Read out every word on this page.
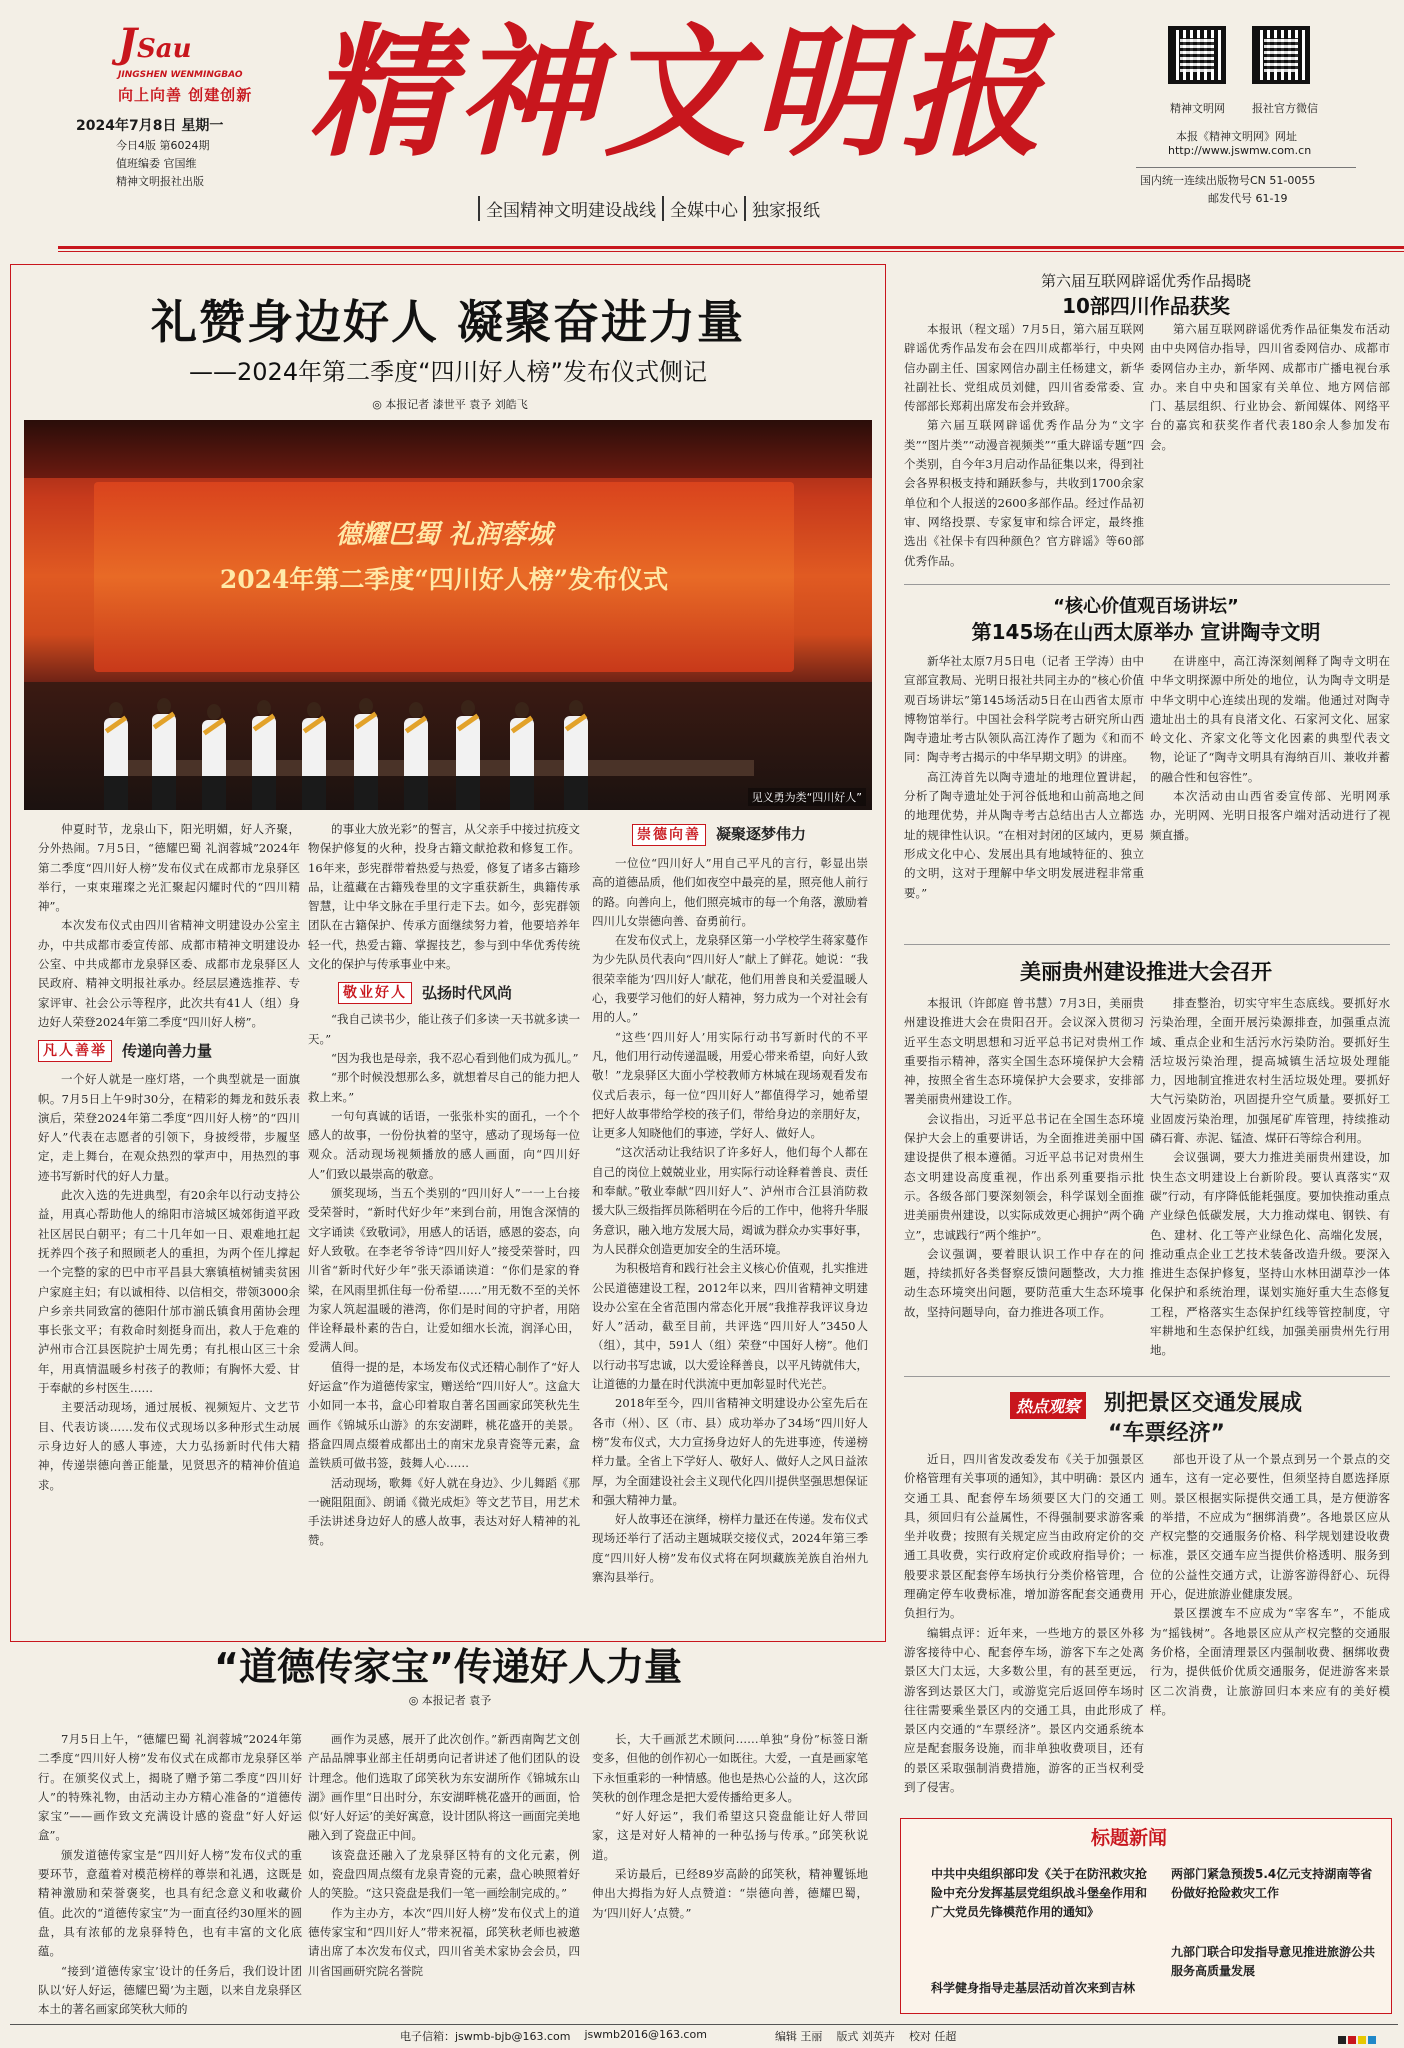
JSau
JINGSHEN WENMINGBAO
向上向善 创建创新
2024年7月8日 星期一
今日4版 第6024期
值班编委 官国维
精神文明报社出版
精神文明报
全国精神文明建设战线 全媒中心 独家报纸
精神文明网 报社官方微信
本报《精神文明网》网址
http://www.jswmw.com.cn
国内统一连续出版物号CN 51-0055
邮发代号 61-19
礼赞身边好人 凝聚奋进力量
——2024年第二季度“四川好人榜”发布仪式侧记
◎ 本报记者 漆世平 袁予 刘皓飞
德耀巴蜀 礼润蓉城
2024年第二季度“四川好人榜”发布仪式
见义勇为类“四川好人”

仲夏时节，龙泉山下，阳光明媚，好人齐聚，分外热闹。7月5日，“德耀巴蜀 礼润蓉城”2024年第二季度“四川好人榜”发布仪式在成都市龙泉驿区举行，一束束璀璨之光汇聚起闪耀时代的“四川精神”。

本次发布仪式由四川省精神文明建设办公室主办，中共成都市委宣传部、成都市精神文明建设办公室、中共成都市龙泉驿区委、成都市龙泉驿区人民政府、精神文明报社承办。经层层遴选推荐、专家评审、社会公示等程序，此次共有41人（组）身边好人荣登2024年第二季度“四川好人榜”。

凡人善举	传递向善力量

一个好人就是一座灯塔，一个典型就是一面旗帜。7月5日上午9时30分，在精彩的舞龙和鼓乐表演后，荣登2024年第二季度“四川好人榜”的“四川好人”代表在志愿者的引领下，身披绶带，步履坚定，走上舞台，在观众热烈的掌声中，用热烈的事迹书写新时代的好人力量。

此次入选的先进典型，有20余年以行动支持公益，用真心帮助他人的绵阳市涪城区城郊街道平政社区居民白朝平；有二十几年如一日、艰难地扛起抚养四个孩子和照顾老人的重担，为两个侄儿撑起一个完整的家的巴中市平昌县大寨镇植树铺卖贫困户家庭主妇；有以诚相待、以信相交，带领3000余户乡亲共同致富的德阳什邡市湔氐镇食用菌协会理事长张文平；有救命时刻挺身而出，救人于危难的泸州市合江县医院护士周先勇；有扎根山区三十余年，用真情温暖乡村孩子的教师；有胸怀大爱、甘于奉献的乡村医生……

主要活动现场，通过展板、视频短片、文艺节目、代表访谈……发布仪式现场以多种形式生动展示身边好人的感人事迹，大力弘扬新时代伟大精神，传递崇德向善正能量，见贤思齐的精神价值追求。

的事业大放光彩”的誓言，从父亲手中接过抗疫文物保护修复的火种，投身古籍文献抢救和修复工作。16年来，彭宪群带着热爱与热爱，修复了诸多古籍珍品，让蕴藏在古籍残卷里的文字重获新生，典籍传承智慧，让中华文脉在手里行走下去。如今，彭宪群领团队在古籍保护、传承方面继续努力着，他要培养年轻一代，热爱古籍、掌握技艺，参与到中华优秀传统文化的保护与传承事业中来。

敬业好人	弘扬时代风尚

“我自己读书少，能让孩子们多读一天书就多读一天。”

“因为我也是母亲，我不忍心看到他们成为孤儿。”

“那个时候没想那么多，就想着尽自己的能力把人救上来。”

一句句真诚的话语，一张张朴实的面孔，一个个感人的故事，一份份执着的坚守，感动了现场每一位观众。活动现场视频播放的感人画面，向“四川好人”们致以最崇高的敬意。

颁奖现场，当五个类别的“四川好人”一一上台接受荣誉时，“新时代好少年”来到台前，用饱含深情的文字诵读《致敬词》，用感人的话语，感恩的姿态，向好人致敬。在李老爷爷诗“四川好人”接受荣誉时，四川省“新时代好少年”张天添诵读道：“你们是家的脊梁，在风雨里抓住每一份希望……”用无数不至的关怀为家人筑起温暖的港湾，你们是时间的守护者，用陪伴诠释最朴素的告白，让爱如细水长流，润泽心田，爱满人间。

值得一提的是，本场发布仪式还精心制作了“好人好运盒”作为道德传家宝，赠送给“四川好人”。这盒大小如同一本书，盒心印着取自著名国画家邱笑秋先生画作《锦城乐山游》的东安湖畔，桃花盛开的美景。搭盒四周点缀着成都出土的南宋龙泉青瓷等元素，盒盖铁质可做书签，鼓舞人心……

活动现场，歌舞《好人就在身边》、少儿舞蹈《那一碗阻阻面》、朗诵《微光成炬》等文艺节目，用艺术手法讲述身边好人的感人故事，表达对好人精神的礼赞。

崇德向善	凝聚逐梦伟力

一位位“四川好人”用自己平凡的言行，彰显出崇高的道德品质，他们如夜空中最亮的星，照亮他人前行的路。向善向上，他们照亮城市的每一个角落，激励着四川儿女崇德向善、奋勇前行。

在发布仪式上，龙泉驿区第一小学校学生蒋家蔓作为少先队员代表向“四川好人”献上了鲜花。她说：“我很荣幸能为‘四川好人’献花，他们用善良和关爱温暖人心，我要学习他们的好人精神，努力成为一个对社会有用的人。”

“这些‘四川好人’用实际行动书写新时代的不平凡，他们用行动传递温暖，用爱心带来希望，向好人致敬！”龙泉驿区大面小学校教师方林城在现场观看发布仪式后表示，每一位“四川好人”都值得学习，她希望把好人故事带给学校的孩子们，带给身边的亲朋好友，让更多人知晓他们的事迹，学好人、做好人。

“这次活动让我结识了许多好人，他们每个人都在自己的岗位上兢兢业业，用实际行动诠释着善良、责任和奉献。”敬业奉献“四川好人”、泸州市合江县消防救援大队三级指挥员陈稻明在今后的工作中，他将升华服务意识，融入地方发展大局，竭诚为群众办实事好事，为人民群众创造更加安全的生活环境。

为积极培育和践行社会主义核心价值观，扎实推进公民道德建设工程，2012年以来，四川省精神文明建设办公室在全省范围内常态化开展“我推荐我评议身边好人”活动，截至目前，共评选“四川好人”3450人（组），其中，591人（组）荣登“中国好人榜”。他们以行动书写忠诚，以大爱诠释善良，以平凡铸就伟大，让道德的力量在时代洪流中更加彰显时代光芒。

2018年至今，四川省精神文明建设办公室先后在各市（州）、区（市、县）成功举办了34场“四川好人榜”发布仪式，大力宣扬身边好人的先进事迹，传递榜样力量。全省上下学好人、敬好人、做好人之风日益浓厚，为全面建设社会主义现代化四川提供坚强思想保证和强大精神力量。

好人故事还在演绎，榜样力量还在传递。发布仪式现场还举行了活动主题城联交接仪式，2024年第三季度“四川好人榜”发布仪式将在阿坝藏族羌族自治州九寨沟县举行。

“道德传家宝”传递好人力量
◎ 本报记者 袁予

7月5日上午，“德耀巴蜀 礼润蓉城”2024年第二季度“四川好人榜”发布仪式在成都市龙泉驿区举行。在颁奖仪式上，揭晓了赠予第二季度“四川好人”的特殊礼物，由活动主办方精心准备的“道德传家宝”——画作致文充满设计感的瓷盘“好人好运盒”。

颁发道德传家宝是“四川好人榜”发布仪式的重要环节，意蕴着对模范榜样的尊崇和礼遇，这既是精神激励和荣誉褒奖，也具有纪念意义和收藏价值。此次的“道德传家宝”为一面直径约30厘米的圆盘，具有浓郁的龙泉驿特色，也有丰富的文化底蕴。

“接到‘道德传家宝’设计的任务后，我们设计团队以‘好人好运，德耀巴蜀’为主题，以来自龙泉驿区本土的著名画家邱笑秋大师的

画作为灵感，展开了此次创作。”新西南陶艺文创产品品牌事业部主任胡勇向记者讲述了他们团队的设计理念。他们选取了邱笑秋为东安湖所作《锦城东山湖》画作里“日出时分，东安湖畔桃花盛开的画面，恰似‘好人好运’的美好寓意，设计团队将这一画面完美地融入到了瓷盘正中间。

该瓷盘还融入了龙泉驿区特有的文化元素，例如，瓷盘四周点缀有龙泉青瓷的元素，盘心映照着好人的笑脸。“这只瓷盘是我们一笔一画绘制完成的。”

作为主办方，本次“四川好人榜”发布仪式上的道德传家宝和“四川好人”带来祝福，邱笑秋老师也被邀请出席了本次发布仪式，四川省美术家协会会员，四川省国画研究院名誉院

长，大千画派艺术顾问……单独“身份”标签日渐变多，但他的创作初心一如既往。大爱，一直是画家笔下永恒重彩的一种情感。他也是热心公益的人，这次邱笑秋的创作理念是把大爱传播给更多人。

“好人好运”，我们希望这只瓷盘能让好人带回家，这是对好人精神的一种弘扬与传承。”邱笑秋说道。

采访最后，已经89岁高龄的邱笑秋，精神矍铄地伸出大拇指为好人点赞道：“崇德向善，德耀巴蜀，为‘四川好人’点赞。”

第六届互联网辟谣优秀作品揭晓
10部四川作品获奖

本报讯（程文瑶）7月5日，第六届互联网辟谣优秀作品发布会在四川成都举行，中央网信办副主任、国家网信办副主任杨建文，新华社副社长、党组成员刘健，四川省委常委、宣传部部长郑莉出席发布会并致辞。

第六届互联网辟谣优秀作品分为“文字类”“图片类”“动漫音视频类”“重大辟谣专题”四个类别，自今年3月启动作品征集以来，得到社会各界积极支持和踊跃参与，共收到1700余家单位和个人报送的2600多部作品。经过作品初审、网络投票、专家复审和综合评定，最终推选出《社保卡有四种颜色？官方辟谣》等60部优秀作品。

第六届互联网辟谣优秀作品征集发布活动由中央网信办指导，四川省委网信办、成都市委网信办主办，新华网、成都市广播电视台承办。来自中央和国家有关单位、地方网信部门、基层组织、行业协会、新闻媒体、网络平台的嘉宾和获奖作者代表180余人参加发布会。

“核心价值观百场讲坛”
第145场在山西太原举办 宣讲陶寺文明

新华社太原7月5日电（记者 王学涛）由中宣部宣教局、光明日报社共同主办的“核心价值观百场讲坛”第145场活动5日在山西省太原市博物馆举行。中国社会科学院考古研究所山西陶寺遗址考古队领队高江涛作了题为《和而不同：陶寺考古揭示的中华早期文明》的讲座。

高江涛首先以陶寺遗址的地理位置讲起，分析了陶寺遗址处于河谷低地和山前高地之间的地理优势，并从陶寺考古总结出古人立都选址的规律性认识。“在相对封闭的区域内，更易形成文化中心、发展出具有地域特征的、独立的文明，这对于理解中华文明发展进程非常重要。”

在讲座中，高江涛深刻阐释了陶寺文明在中华文明探源中所处的地位，认为陶寺文明是中华文明中心连续出现的发端。他通过对陶寺遗址出土的具有良渚文化、石家河文化、屈家岭文化、齐家文化等文化因素的典型代表文物，论证了“陶寺文明具有海纳百川、兼收并蓄的融合性和包容性”。

本次活动由山西省委宣传部、光明网承办，光明网、光明日报客户端对活动进行了视频直播。

美丽贵州建设推进大会召开

本报讯（许郎庭 曾书慧）7月3日，美丽贵州建设推进大会在贵阳召开。会议深入贯彻习近平生态文明思想和习近平总书记对贵州工作重要指示精神，落实全国生态环境保护大会精神，按照全省生态环境保护大会要求，安排部署美丽贵州建设工作。

会议指出，习近平总书记在全国生态环境保护大会上的重要讲话，为全面推进美丽中国建设提供了根本遵循。习近平总书记对贵州生态文明建设高度重视，作出系列重要指示批示。各级各部门要深刻领会，科学谋划全面推进美丽贵州建设，以实际成效更心拥护“两个确立”，忠诚践行“两个维护”。

会议强调，要着眼认识工作中存在的问题，持续抓好各类督察反馈问题整改，大力推动生态环境突出问题，要防范重大生态环境事故，坚持问题导向，奋力推进各项工作。

排查整治，切实守牢生态底线。要抓好水污染治理，全面开展污染源排查，加强重点流域、重点企业和生活污水污染防治。要抓好生活垃圾污染治理，提高城镇生活垃圾处理能力，因地制宜推进农村生活垃圾处理。要抓好大气污染防治，巩固提升空气质量。要抓好工业固废污染治理，加强尾矿库管理，持续推动磷石膏、赤泥、锰渣、煤矸石等综合利用。

会议强调，要大力推进美丽贵州建设，加快生态文明建设上台新阶段。要认真落实“双碳”行动，有序降低能耗强度。要加快推动重点产业绿色低碳发展，大力推动煤电、钢铁、有色、建材、化工等产业绿色化、高端化发展，推动重点企业工艺技术装备改造升级。要深入推进生态保护修复，坚持山水林田湖草沙一体化保护和系统治理，谋划实施好重大生态修复工程，严格落实生态保护红线等管控制度，守牢耕地和生态保护红线，加强美丽贵州先行用地。

热点观察 别把景区交通发展成
“车票经济”

近日，四川省发改委发布《关于加强景区价格管理有关事项的通知》，其中明确：景区内交通工具、配套停车场须要区大门的交通工具，须回归有公益属性，不得强制要求游客乘坐并收费；按照有关规定应当由政府定价的交通工具收费，实行政府定价或政府指导价；一般要求景区配套停车场执行分类价格管理，合理确定停车收费标准，增加游客配套交通费用负担行为。

编辑点评：近年来，一些地方的景区外移游客接待中心、配套停车场，游客下车之处离景区大门太远，大多数公里，有的甚至更远，游客到达景区大门，或游览完后返回停车场时往往需要乘坐景区内的交通工具，由此形成了景区内交通的“车票经济”。景区内交通系统本应是配套服务设施，而非单独收费项目，还有的景区采取强制消费措施，游客的正当权利受到了侵害。

部也开设了从一个景点到另一个景点的交通车，这有一定必要性，但须坚持自愿选择原则。景区根据实际提供交通工具，是方便游客的举措，不应成为“捆绑消费”。各地景区应从产权完整的交通服务价格、科学规划建设收费标准，景区交通车应当提供价格透明、服务到位的公益性交通方式，让游客游得舒心、玩得开心，促进旅游业健康发展。

景区摆渡车不应成为“宰客车”，不能成为“摇钱树”。各地景区应从产权完整的交通服务价格，全面清理景区内强制收费、捆绑收费行为，提供低价优质交通服务，促进游客来景区二次消费，让旅游回归本来应有的美好模样。

标题新闻
中共中央组织部印发《关于在防汛救灾抢险中充分发挥基层党组织战斗堡垒作用和广大党员先锋模范作用的通知》
两部门紧急预拨5.4亿元支持湖南等省份做好抢险救灾工作
科学健身指导走基层活动首次来到吉林
九部门联合印发指导意见推进旅游公共服务高质量发展
电子信箱：jswmb-bjb@163.com jswmb2016@163.com	编辑 王丽 版式 刘英卉 校对 任超
